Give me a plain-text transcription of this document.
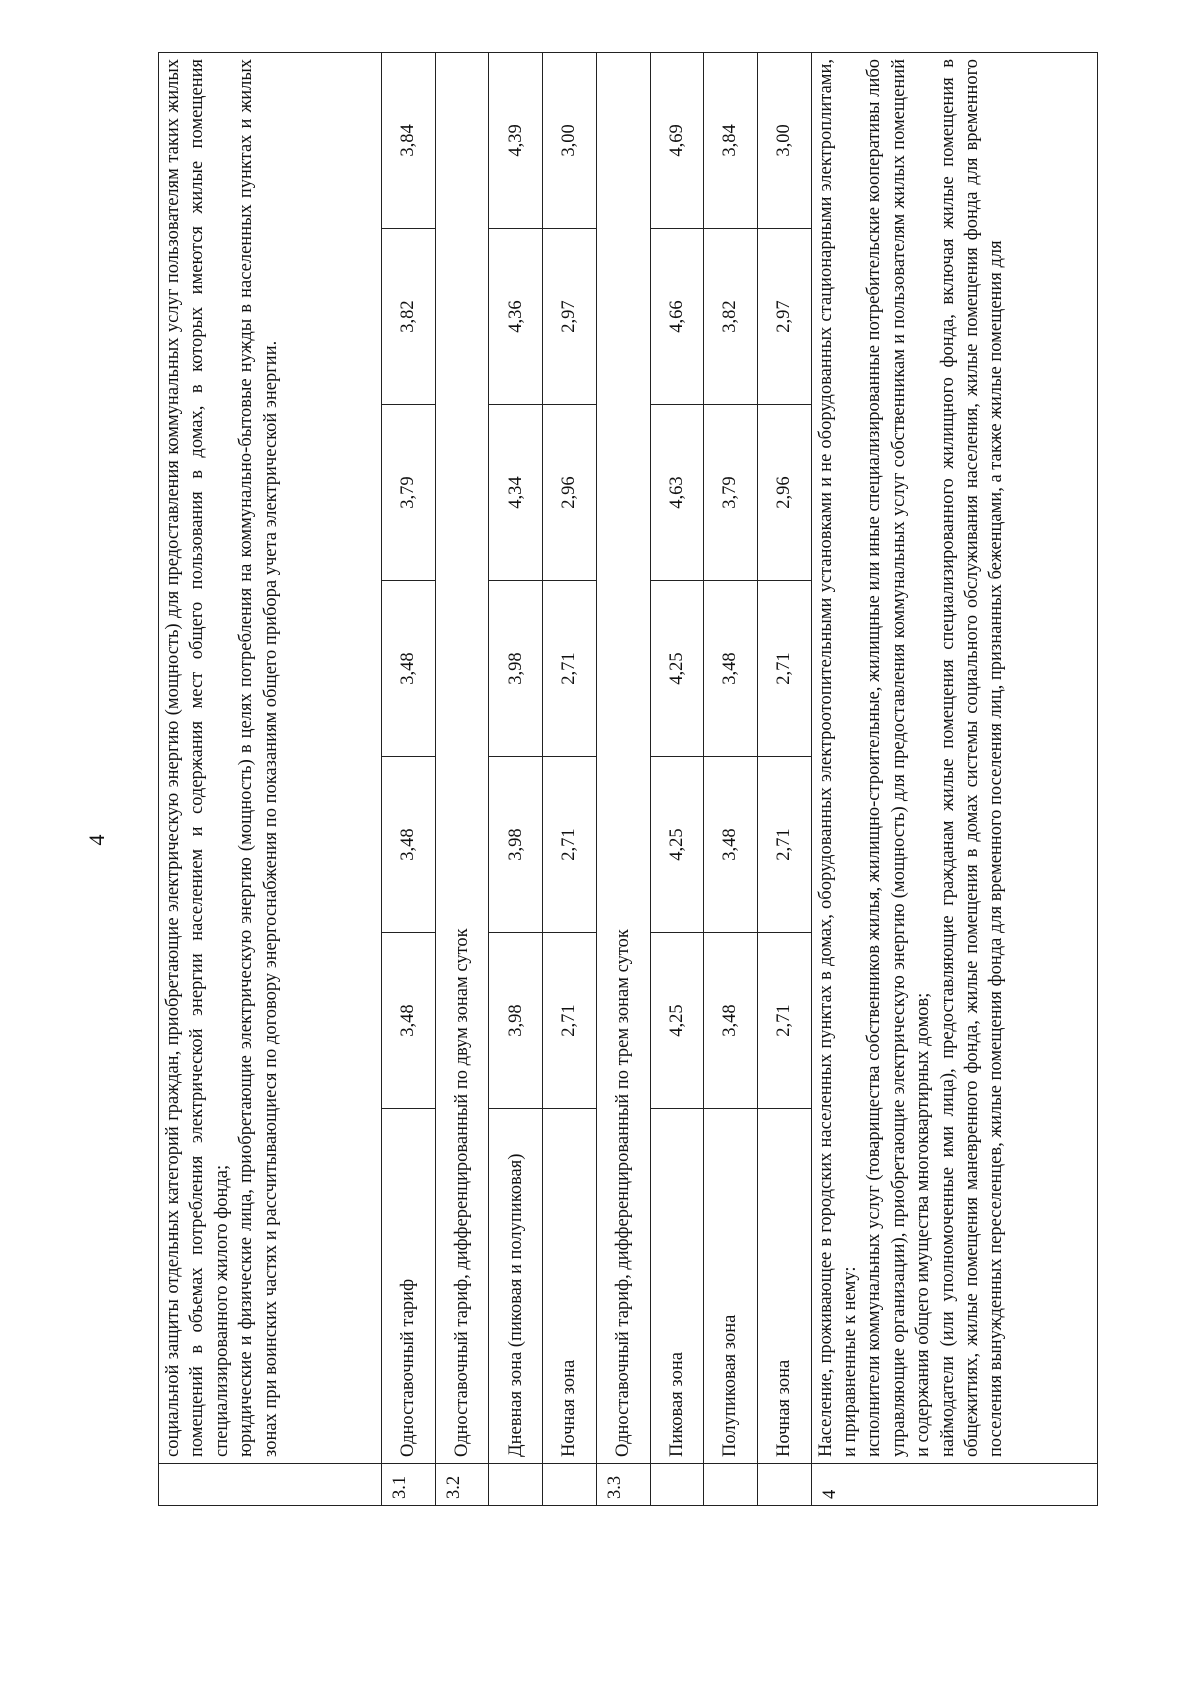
4

	социальной защиты отдельных категорий граждан, приобретающие электрическую энергию (мощность) для предоставления коммунальных услуг пользователям таких жилых помещений в объемах потребления электрической энергии населением и содержания мест общего пользования в домах, в которых имеются жилые помещения специализированного жилого фонда; юридические и физические лица, приобретающие электрическую энергию (мощность) в целях потребления на коммунально-бытовые нужды в населенных пунктах и жилых зонах при воинских частях и рассчитывающиеся по договору энергоснабжения по показаниям общего прибора учета электрической энергии.						

3.1	Одноставочный тариф	3,48	3,48	3,48	3,79	3,82	3,84
3.2	Одноставочный тариф, дифференцированный по двум зонам суток						
	Дневная зона (пиковая и полупиковая)	3,98	3,98	3,98	4,34	4,36	4,39
	Ночная зона	2,71	2,71	2,71	2,96	2,97	3,00
3.3	Одноставочный тариф, дифференцированный по трем зонам суток						
	Пиковая зона	4,25	4,25	4,25	4,63	4,66	4,69
	Полупиковая зона	3,48	3,48	3,48	3,79	3,82	3,84
	Ночная зона	2,71	2,71	2,71	2,96	2,97	3,00
4	Население, проживающее в городских населенных пунктах в домах, оборудованных электроотопительными установками и не оборудованных стационарными электроплитами, и приравненные к нему: исполнители коммунальных услуг (товарищества собственников жилья, жилищно-строительные, жилищные или иные специализированные потребительские кооперативы либо управляющие организации), приобретающие электрическую энергию (мощность) для предоставления коммунальных услуг собственникам и пользователям жилых помещений и содержания общего имущества многоквартирных домов; наймодатели (или уполномоченные ими лица), предоставляющие гражданам жилые помещения специализированного жилищного фонда, включая жилые помещения в общежитиях, жилые помещения маневренного фонда, жилые помещения в домах системы социального обслуживания населения, жилые помещения фонда для временного поселения вынужденных переселенцев, жилые помещения фонда для временного поселения лиц, признанных беженцами, а также жилые помещения для						
